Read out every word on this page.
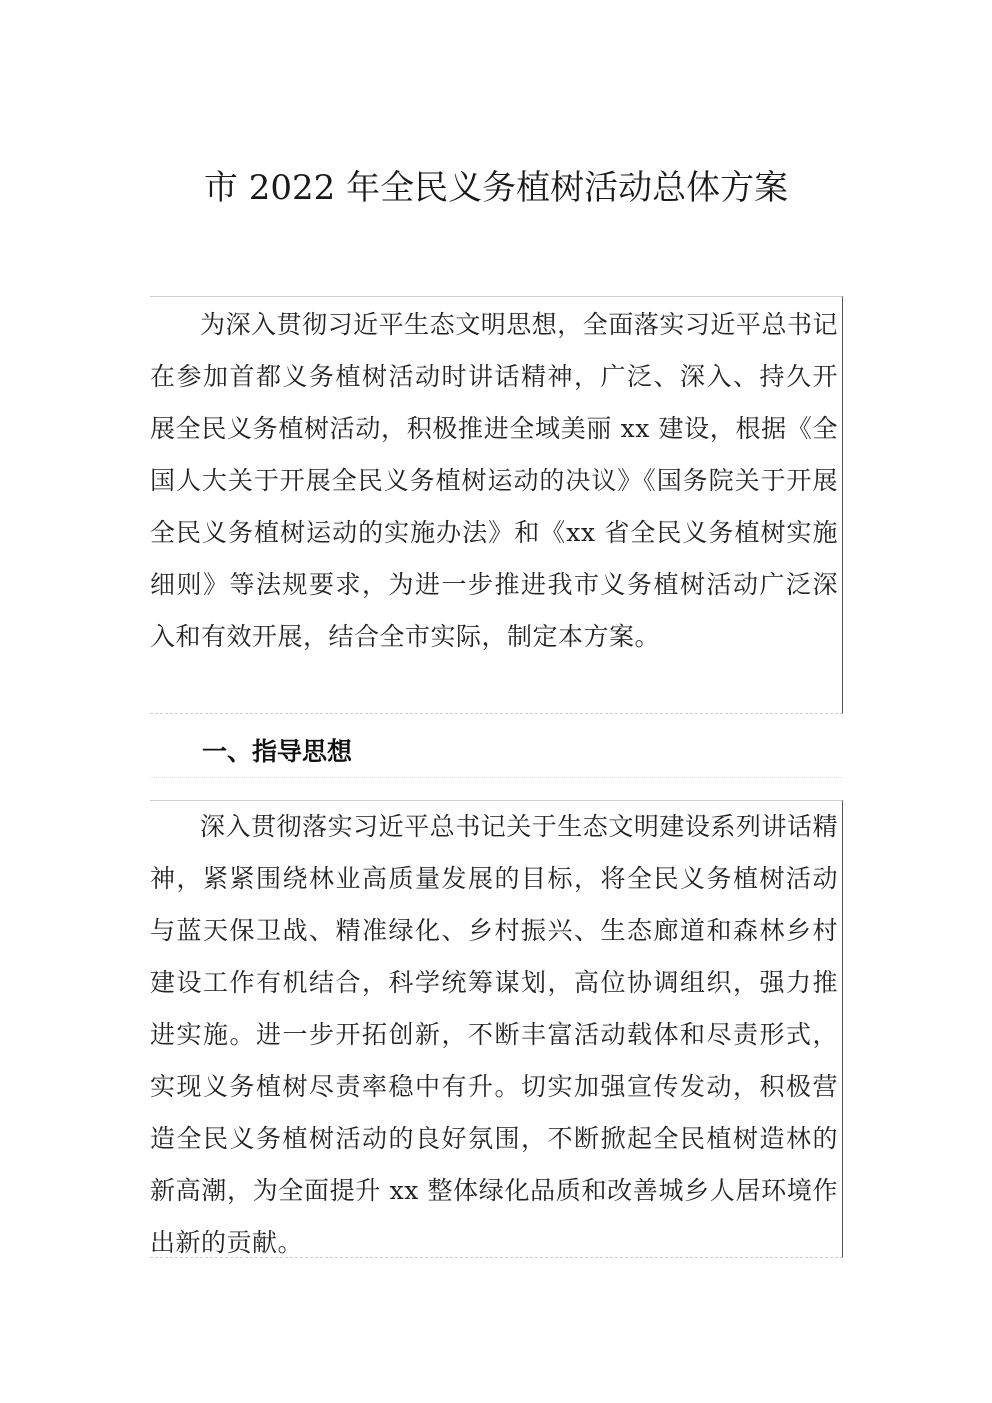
市 2022 年全民义务植树活动总体方案

为深入贯彻习近平生态文明思想，全面落实习近平总书记在参加首都义务植树活动时讲话精神，广泛、深入、持久开展全民义务植树活动，积极推进全域美丽 xx 建设，根据《全国人大关于开展全民义务植树运动的决议》《国务院关于开展全民义务植树运动的实施办法》和《xx 省全民义务植树实施细则》等法规要求，为进一步推进我市义务植树活动广泛深入和有效开展，结合全市实际，制定本方案。

一、指导思想

深入贯彻落实习近平总书记关于生态文明建设系列讲话精神，紧紧围绕林业高质量发展的目标，将全民义务植树活动与蓝天保卫战、精准绿化、乡村振兴、生态廊道和森林乡村建设工作有机结合，科学统筹谋划，高位协调组织，强力推进实施。进一步开拓创新，不断丰富活动载体和尽责形式，实现义务植树尽责率稳中有升。切实加强宣传发动，积极营造全民义务植树活动的良好氛围，不断掀起全民植树造林的新高潮，为全面提升 xx 整体绿化品质和改善城乡人居环境作出新的贡献。
